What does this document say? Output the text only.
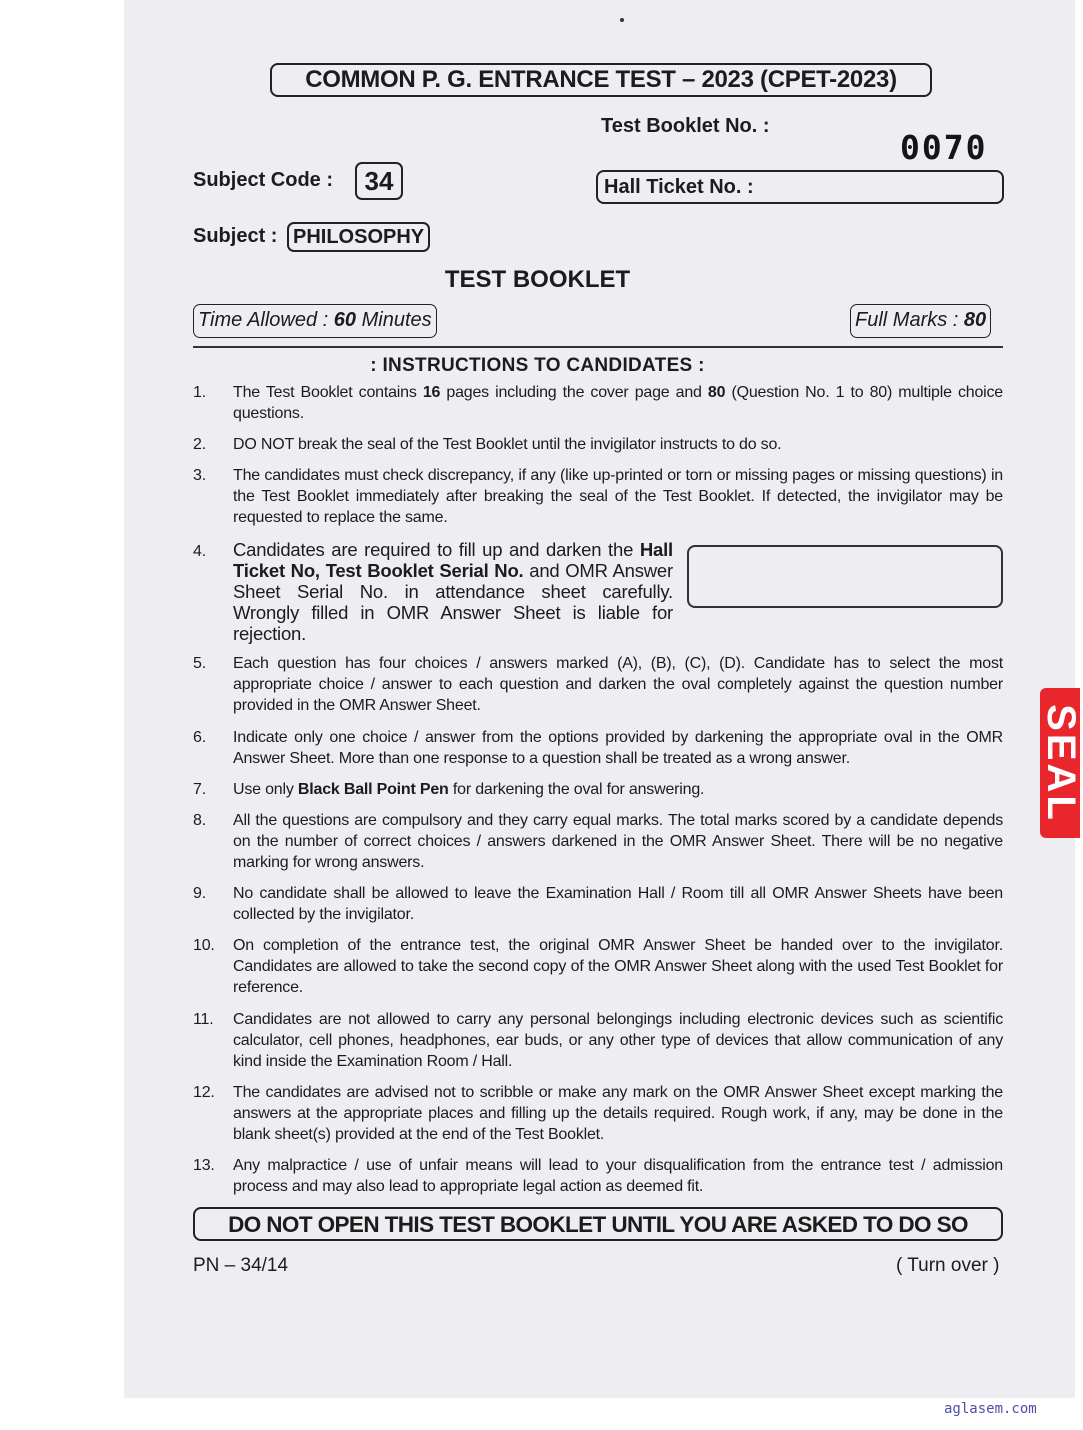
COMMON P. G. ENTRANCE TEST – 2023 (CPET-2023)
Test Booklet No. :
0070
Subject Code :	34	Hall Ticket No. :
Subject : PHILOSOPHY
TEST BOOKLET
Time Allowed : 60 Minutes	Full Marks : 80
: INSTRUCTIONS TO CANDIDATES :
1.	The Test Booklet contains 16 pages including the cover page and 80 (Question No. 1 to 80) multiple choice questions.
2.	DO NOT break the seal of the Test Booklet until the invigilator instructs to do so.
3.	The candidates must check discrepancy, if any (like up-printed or torn or missing pages or missing questions) in the Test Booklet immediately after breaking the seal of the Test Booklet. If detected, the invigilator may be requested to replace the same.
4.	Candidates are required to fill up and darken the Hall Ticket No, Test Booklet Serial No. and OMR Answer Sheet Serial No. in attendance sheet carefully. Wrongly filled in OMR Answer Sheet is liable for rejection.
5.	Each question has four choices / answers marked (A), (B), (C), (D). Candidate has to select the most appropriate choice / answer to each question and darken the oval completely against the question number provided in the OMR Answer Sheet.
6.	Indicate only one choice / answer from the options provided by darkening the appropriate oval in the OMR Answer Sheet. More than one response to a question shall be treated as a wrong answer.
7.	Use only Black Ball Point Pen for darkening the oval for answering.
8.	All the questions are compulsory and they carry equal marks. The total marks scored by a candidate depends on the number of correct choices / answers darkened in the OMR Answer Sheet. There will be no negative marking for wrong answers.
9.	No candidate shall be allowed to leave the Examination Hall / Room till all OMR Answer Sheets have been collected by the invigilator.
10.	On completion of the entrance test, the original OMR Answer Sheet be handed over to the invigilator. Candidates are allowed to take the second copy of the OMR Answer Sheet along with the used Test Booklet for reference.
11.	Candidates are not allowed to carry any personal belongings including electronic devices such as scientific calculator, cell phones, headphones, ear buds, or any other type of devices that allow communication of any kind inside the Examination Room / Hall.
12.	The candidates are advised not to scribble or make any mark on the OMR Answer Sheet except marking the answers at the appropriate places and filling up the details required. Rough work, if any, may be done in the blank sheet(s) provided at the end of the Test Booklet.
13.	Any malpractice / use of unfair means will lead to your disqualification from the entrance test / admission process and may also lead to appropriate legal action as deemed fit.
DO NOT OPEN THIS TEST BOOKLET UNTIL YOU ARE ASKED TO DO SO
PN – 34/14	( Turn over )
SEAL
aglasem.com
